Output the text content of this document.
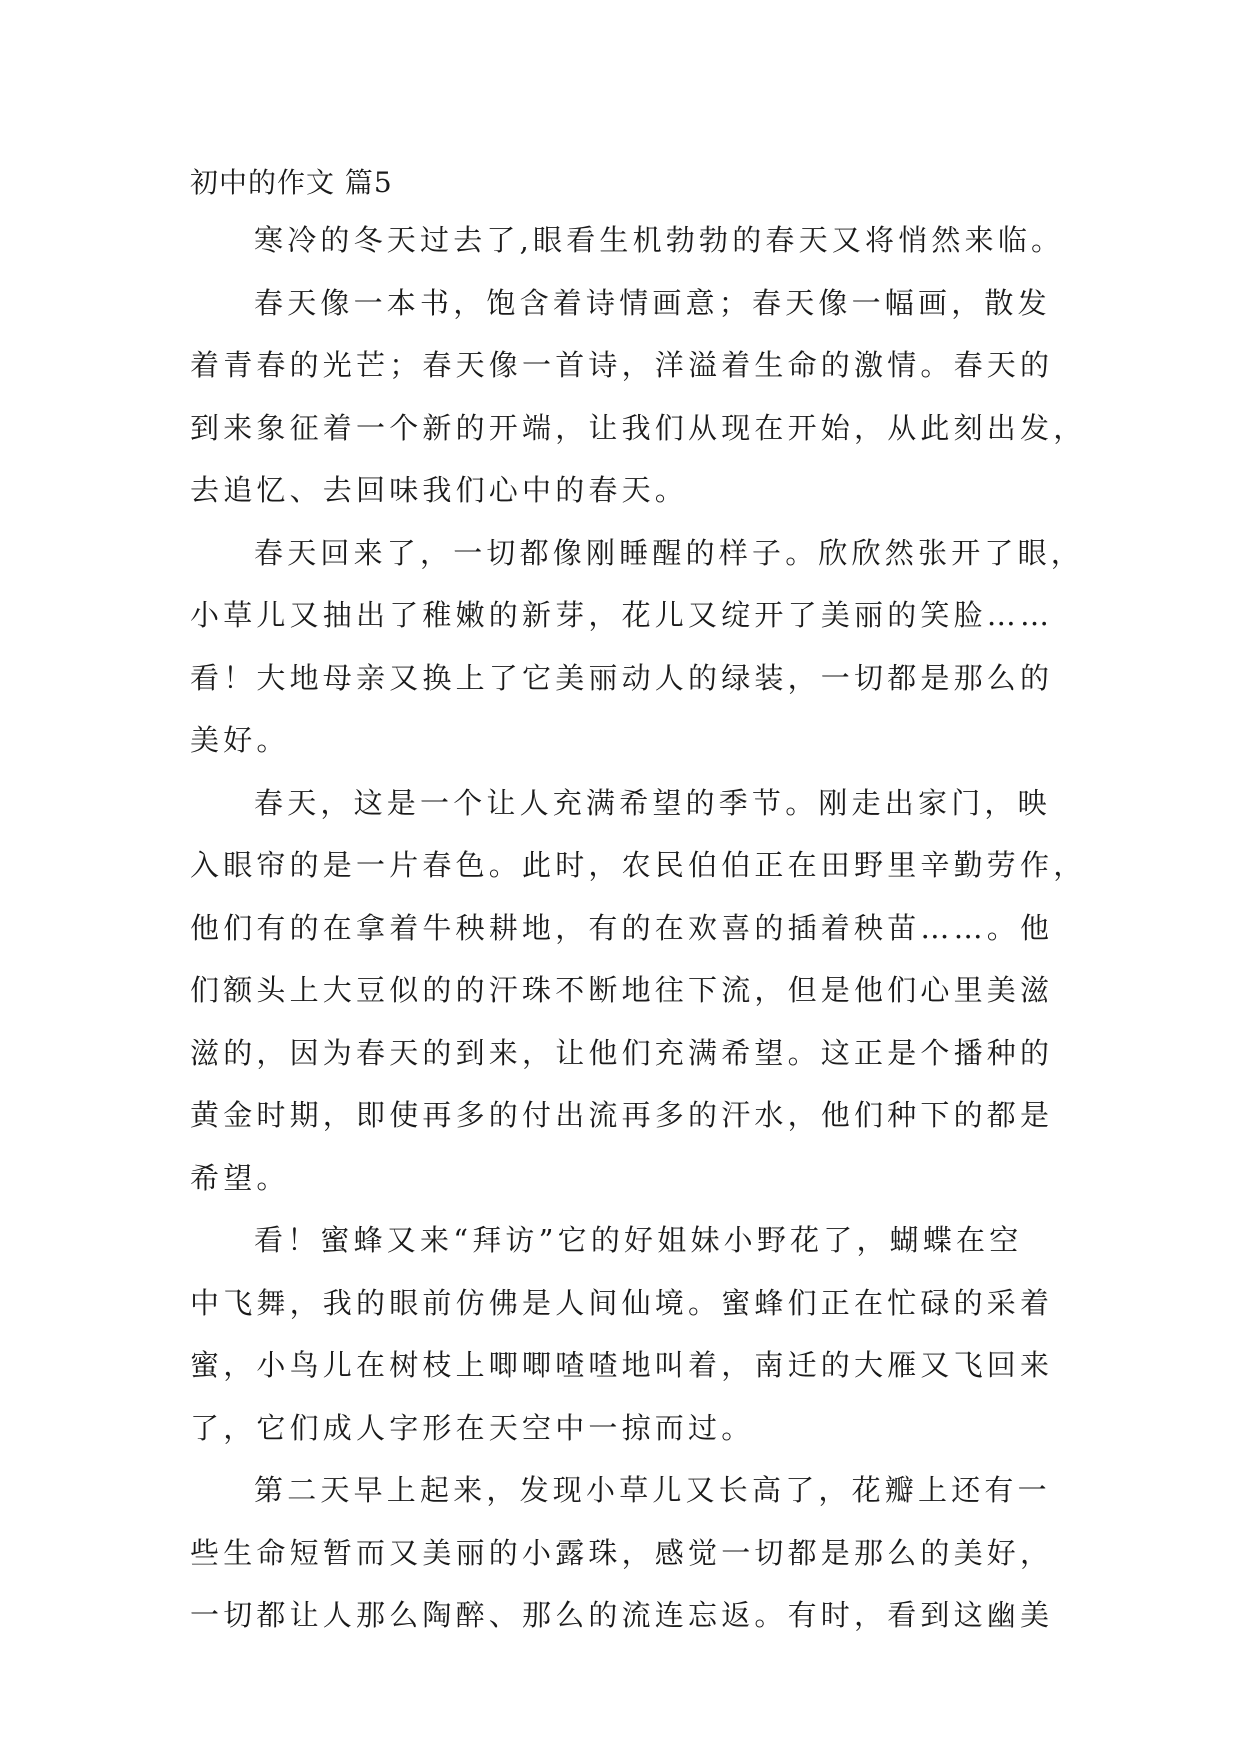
初中的作文 篇5
寒冷的冬天过去了,眼看生机勃勃的春天又将悄然来临。
春天像一本书，饱含着诗情画意；春天像一幅画，散发
着青春的光芒；春天像一首诗，洋溢着生命的激情。春天的
到来象征着一个新的开端，让我们从现在开始，从此刻出发，
去追忆、去回味我们心中的春天。
春天回来了，一切都像刚睡醒的样子。欣欣然张开了眼，
小草儿又抽出了稚嫩的新芽，花儿又绽开了美丽的笑脸……
看！大地母亲又换上了它美丽动人的绿装，一切都是那么的
美好。
春天，这是一个让人充满希望的季节。刚走出家门，映
入眼帘的是一片春色。此时，农民伯伯正在田野里辛勤劳作，
他们有的在拿着牛秧耕地，有的在欢喜的插着秧苗……。他
们额头上大豆似的的汗珠不断地往下流，但是他们心里美滋
滋的，因为春天的到来，让他们充满希望。这正是个播种的
黄金时期，即使再多的付出流再多的汗水，他们种下的都是
希望。
看！蜜蜂又来“拜访”它的好姐妹小野花了，蝴蝶在空
中飞舞，我的眼前仿佛是人间仙境。蜜蜂们正在忙碌的采着
蜜，小鸟儿在树枝上唧唧喳喳地叫着，南迁的大雁又飞回来
了，它们成人字形在天空中一掠而过。
第二天早上起来，发现小草儿又长高了，花瓣上还有一
些生命短暂而又美丽的小露珠，感觉一切都是那么的美好，
一切都让人那么陶醉、那么的流连忘返。有时，看到这幽美
